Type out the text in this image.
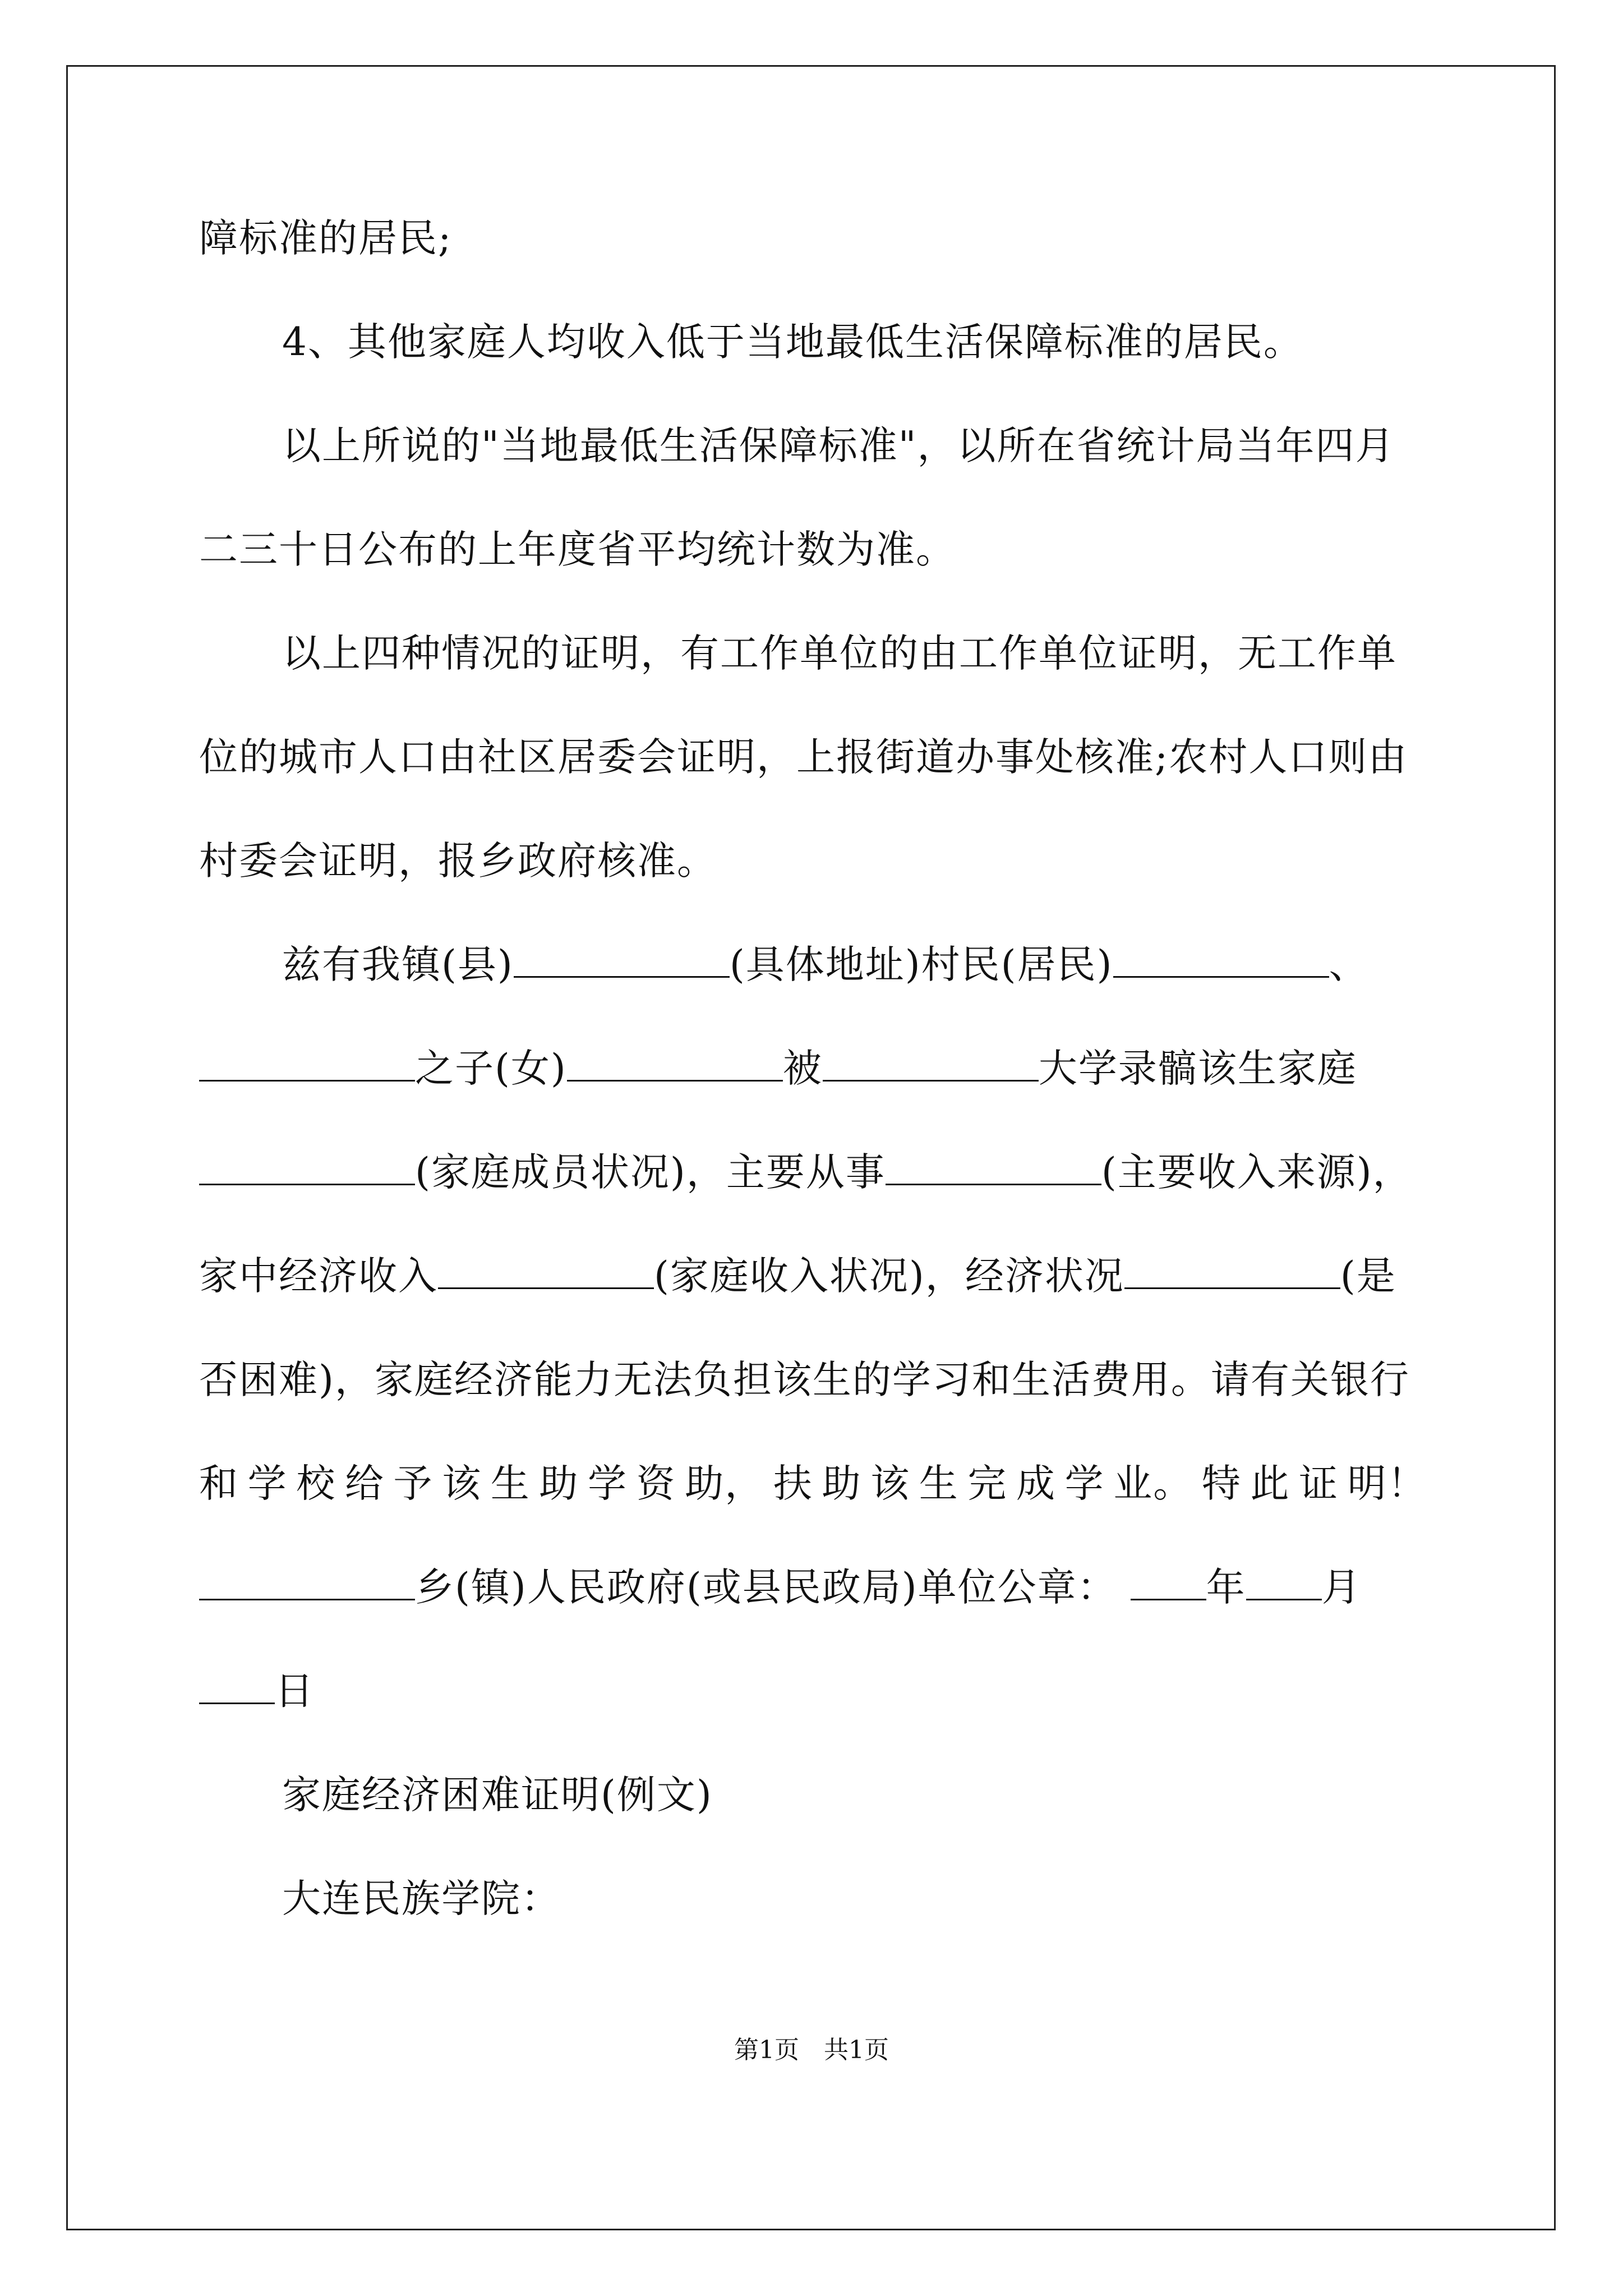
障标准的居民;
4、其他家庭人均收入低于当地最低生活保障标准的居民。
以上所说的"当地最低生活保障标准"，以所在省统计局当年四月
二三十日公布的上年度省平均统计数为准。
以上四种情况的证明，有工作单位的由工作单位证明，无工作单
位的城市人口由社区居委会证明，上报街道办事处核准;农村人口则由
村委会证明，报乡政府核准。
兹有我镇(县)	(具体地址)村民(居民)	、
之子(女)	被	大学录髇该生家庭
(家庭成员状况)，主要从事	(主要收入来源)，
家中经济收入	(家庭收入状况)，经济状况	(是
否困难)，家庭经济能力无法负担该生的学习和生活费用。请有关银行
和 学 校 给 予 该 生 助 学 资 助， 扶 助 该 生 完 成 学 业。 特 此 证 明！
乡(镇)人民政府(或县民政局)单位公章： 年 月
日
家庭经济困难证明(例文)
大连民族学院：
第1页　共1页
